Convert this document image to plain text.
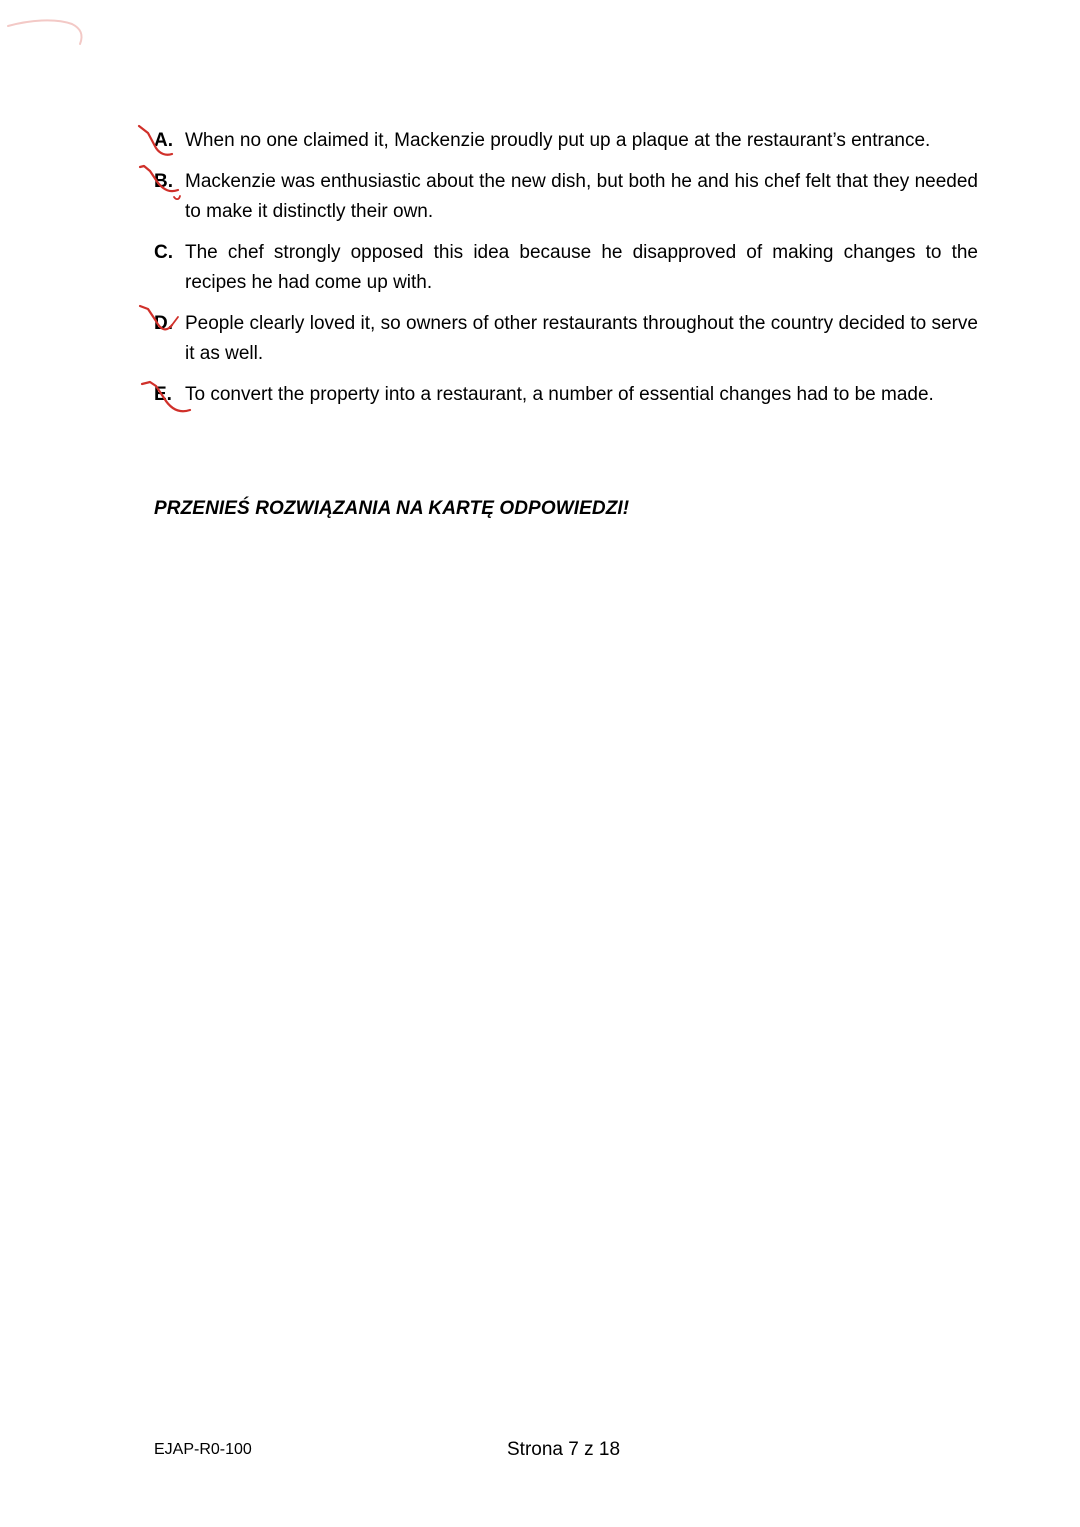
A. When no one claimed it, Mackenzie proudly put up a plaque at the restaurant’s entrance.
B. Mackenzie was enthusiastic about the new dish, but both he and his chef felt that they needed to make it distinctly their own.
C. The chef strongly opposed this idea because he disapproved of making changes to the recipes he had come up with.
D. People clearly loved it, so owners of other restaurants throughout the country decided to serve it as well.
E. To convert the property into a restaurant, a number of essential changes had to be made.
PRZENIEŚ ROZWIĄZANIA NA KARTĘ ODPOWIEDZI!
EJAP-R0-100	Strona 7 z 18
